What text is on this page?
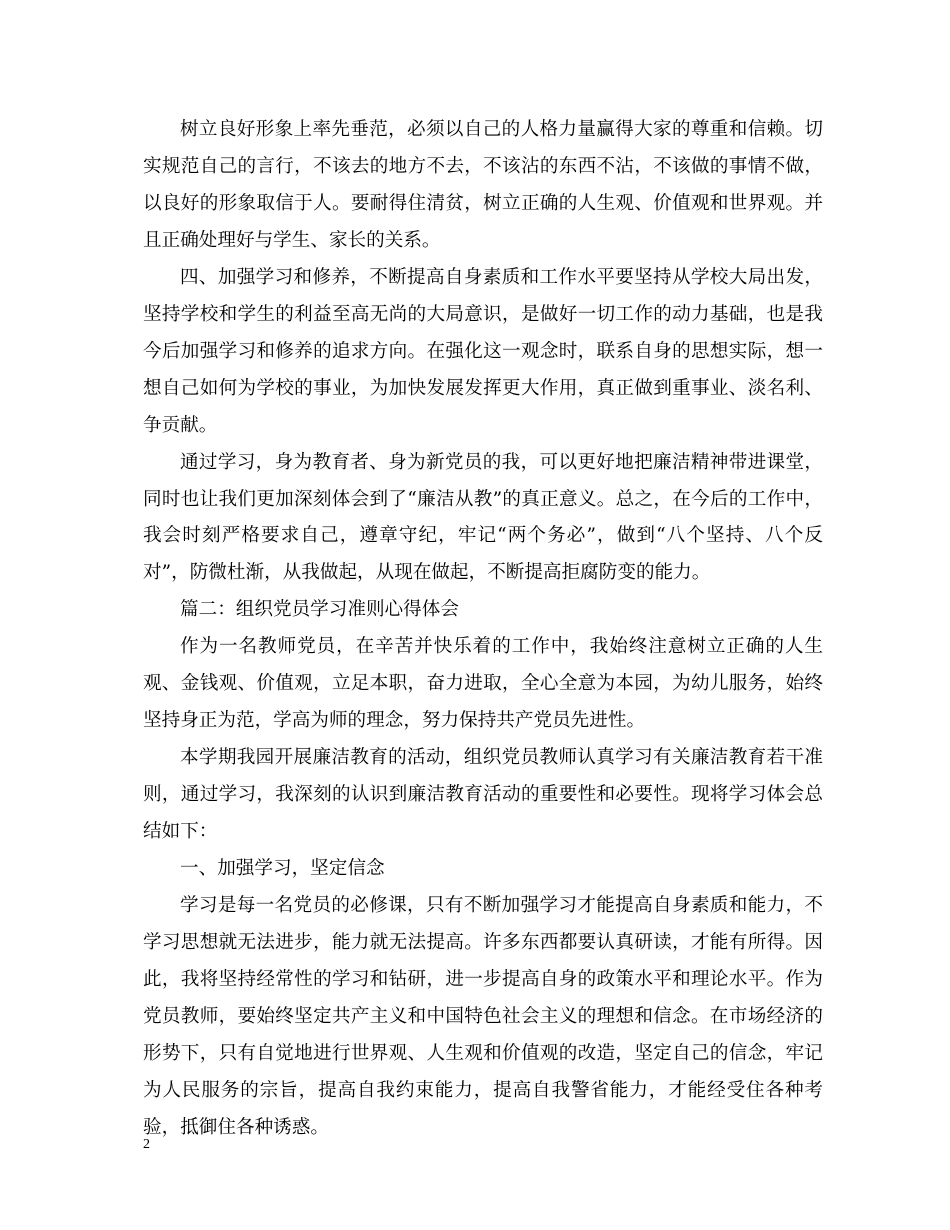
树立良好形象上率先垂范，必须以自己的人格力量赢得大家的尊重和信赖。切实规范自己的言行，不该去的地方不去，不该沾的东西不沾，不该做的事情不做，以良好的形象取信于人。要耐得住清贫，树立正确的人生观、价值观和世界观。并且正确处理好与学生、家长的关系。

四、加强学习和修养，不断提高自身素质和工作水平要坚持从学校大局出发，坚持学校和学生的利益至高无尚的大局意识，是做好一切工作的动力基础，也是我今后加强学习和修养的追求方向。在强化这一观念时，联系自身的思想实际，想一想自己如何为学校的事业，为加快发展发挥更大作用，真正做到重事业、淡名利、争贡献。

通过学习，身为教育者、身为新党员的我，可以更好地把廉洁精神带进课堂，同时也让我们更加深刻体会到了“廉洁从教”的真正意义。总之，在今后的工作中，我会时刻严格要求自己，遵章守纪，牢记“两个务必”，做到“八个坚持、八个反对”，防微杜渐，从我做起，从现在做起，不断提高拒腐防变的能力。

篇二：组织党员学习准则心得体会

作为一名教师党员，在辛苦并快乐着的工作中，我始终注意树立正确的人生观、金钱观、价值观，立足本职，奋力进取，全心全意为本园，为幼儿服务，始终坚持身正为范，学高为师的理念，努力保持共产党员先进性。

本学期我园开展廉洁教育的活动，组织党员教师认真学习有关廉洁教育若干准则，通过学习，我深刻的认识到廉洁教育活动的重要性和必要性。现将学习体会总结如下：

一、加强学习，坚定信念

学习是每一名党员的必修课，只有不断加强学习才能提高自身素质和能力，不学习思想就无法进步，能力就无法提高。许多东西都要认真研读，才能有所得。因此，我将坚持经常性的学习和钻研，进一步提高自身的政策水平和理论水平。作为党员教师，要始终坚定共产主义和中国特色社会主义的理想和信念。在市场经济的形势下，只有自觉地进行世界观、人生观和价值观的改造，坚定自己的信念，牢记为人民服务的宗旨，提高自我约束能力，提高自我警省能力，才能经受住各种考验，抵御住各种诱惑。

2
